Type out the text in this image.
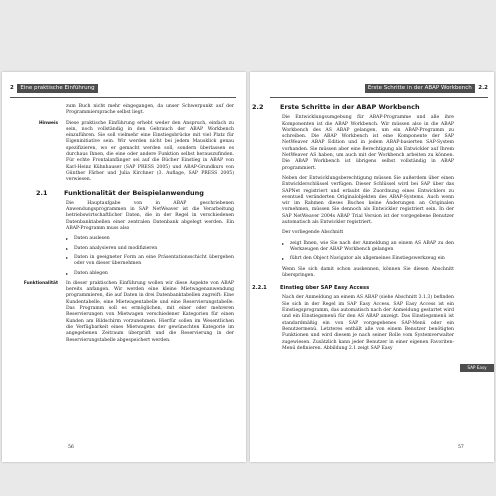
2 Eine praktische Einführung

zum Buch nicht mehr eingegangen, da unser Schwerpunkt auf der Programmiersprache selbst liegt.

Hinweis Diese praktische Einführung erhebt weder den Anspruch, einfach zu sein, noch vollständig in den Gebrauch der ABAP Workbench einzuführen. Sie soll vielmehr eine Einstiegsbrücke mit viel Platz für Eigeninitiative sein. Wir werden nicht bei jedem Mausklick genau spezifizieren, wo er gemacht werden soll, sondern überlassen es durchaus Ihnen, die eine oder andere Funktion selbst herauszufinden. Für echte Frontalanfänger sei auf die Bücher Einstieg in ABAP von Karl-Heinz Kühnhauser (SAP PRESS 2005) und ABAP-Grundkurs von Günther Färber und Julia Kirchner (3. Auflage, SAP PRESS 2005) verwiesen.
2.1	Funktionalität der Beispielanwendung

Die Hauptaufgabe von in ABAP geschriebenen Anwendungsprogrammen in SAP NetWeaver ist die Verarbeitung betriebswirtschaftlicher Daten, die in der Regel in verschiedenen Datenbanktabellen einer zentralen Datenbank abgelegt werden. Ein ABAP-Programm muss also

▸ Daten auslesen
▸ Daten analysieren und modifizieren
▸ Daten in geeigneter Form an eine Präsentationsschicht übergeben oder von dieser übernehmen
▸ Daten ablegen
Funktionalität In dieser praktischen Einführung wollen wir diese Aspekte von ABAP bereits anfangen. Wir werden eine kleine Mietwagenanwendung programmieren, die auf Daten in drei Datenbanktabellen zugreift: Eine Kundentabelle, eine Mietwagentabelle und eine Reservierungstabelle. Das Programm soll es ermöglichen, mit einer oder mehreren Reservierungen von Mietwagen verschiedener Kategorien für einen Kunden am Bildschirm vorzunehmen. Hierfür sollen im Wesentlichen die Verfügbarkeit eines Mietwagens der gewünschten Kategorie im angegebenen Zeitraum überprüft und die Reservierung in der Reservierungstabelle abgespeichert werden.
56
Erste Schritte in der ABAP Workbench 2.2
2.2	Erste Schritte in der ABAP Workbench

Die Entwicklungsumgebung für ABAP-Programme und alle ihre Komponenten ist die ABAP Workbench. Wir müssen also in die ABAP Workbench des AS ABAP gelangen, um ein ABAP-Programm zu schreiben. Die ABAP Workbench ist eine Komponente der SAP NetWeaver ABAP Edition und in jedem ABAP-basierten SAP-System vorhanden. Sie müssen aber eine Berechtigung als Entwickler auf Ihrem NetWeaver AS haben, um auch mit der Workbench arbeiten zu können. Die ABAP Workbench ist übrigens selbst vollständig in ABAP programmiert.

Neben der Entwicklungsberechtigung müssen Sie außerdem über einen Entwicklerschlüssel verfügen. Dieser Schlüssel wird bei SAP über das SAPNet registriert und erlaubt die Zuordnung eines Entwicklers zu eventuell veränderten Originalobjekten des ABAP-Systems. Auch wenn wir im Rahmen dieses Buches keine Änderungen an Originalen vornehmen, müssen Sie dennoch als Entwickler registriert sein. In der SAP NetWeaver 2004s ABAP Trial Version ist der vorgegebene Benutzer automatisch als Entwickler registriert.

Der vorliegende Abschnitt

▸ zeigt Ihnen, wie Sie nach der Anmeldung an einem AS ABAP zu den Werkzeugen der ABAP Workbench gelangen
▸ führt den Object Navigator als allgemeines Einstiegswerkzeug ein

Wenn Sie sich damit schon auskennen, können Sie diesen Abschnitt überspringen.

2.2.1	Einstieg über SAP Easy Access

Nach der Anmeldung an einem AS ABAP (siehe Abschnitt 3.1.3) befinden Sie sich in der Regel im SAP Easy Access. SAP Easy Access ist ein Einstiegsprogramm, das automatisch nach der Anmeldung gestartet wird und ein Einstiegsmenü für den AS ABAP anzeigt. Das Einstiegsmenü ist standardmäßig ein von SAP vorgegebenes SAP-Menü oder ein Benutzermenü. Letzteres enthält alle von einem Benutzer benötigten Funktionen und wird diesem je nach seiner Rolle vom Systemverwalter zugewiesen. Zusätzlich kann jeder Benutzer in einer eigenen Favoriten-Menü definieren. Abbildung 2.1 zeigt SAP Easy

SAP Easy Access
57
